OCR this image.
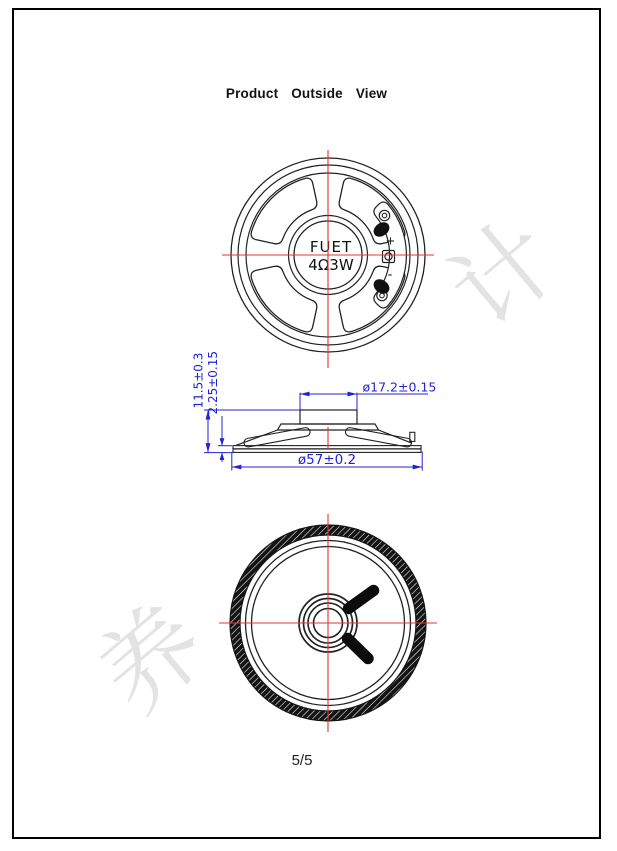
养
计
Product Outside View
+
-
FUET
4Ω3W
ø17.2±0.15
ø57±0.2
11.5±0.3 2.25±0.15
5/5
